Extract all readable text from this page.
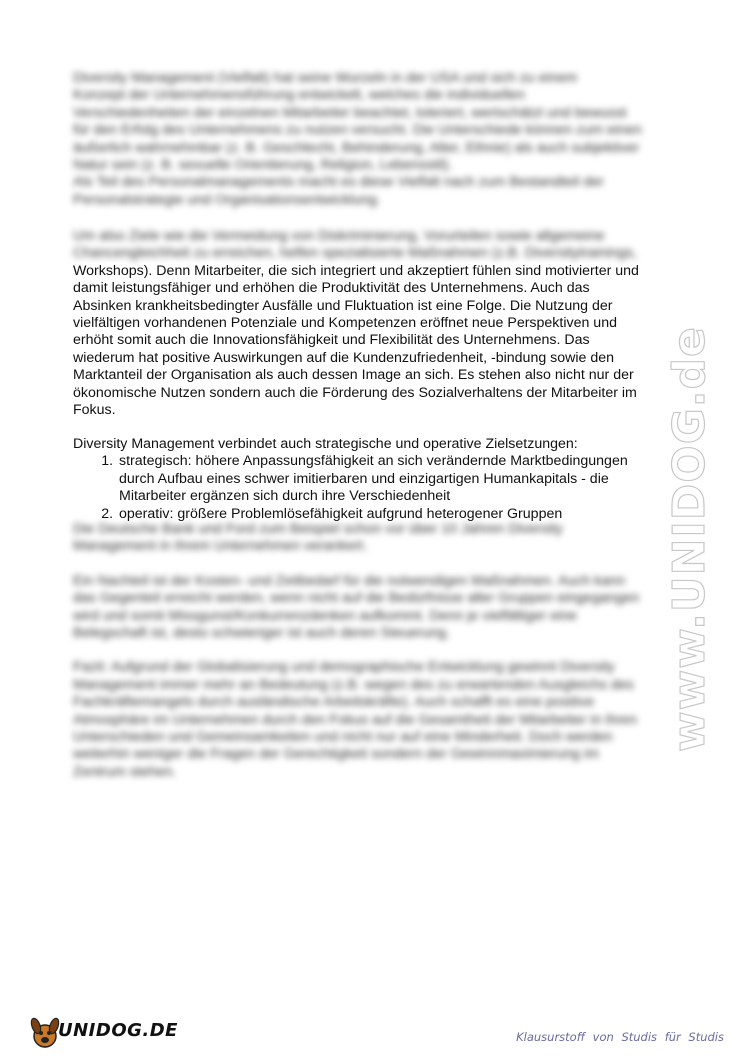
Diversity Management (Vielfalt) hat seine Wurzeln in der USA und sich zu einem
Konzept der Unternehmensführung entwickelt, welches die individuellen
Verschiedenheiten der einzelnen Mitarbeiter beachtet, toleriert, wertschätzt und bewusst
für den Erfolg des Unternehmens zu nutzen versucht. Die Unterschiede können zum einen
äußerlich wahrnehmbar (z. B. Geschlecht, Behinderung, Alter, Ethnie) als auch subjektiver
Natur sein (z. B. sexuelle Orientierung, Religion, Lebensstil).
Als Teil des Personalmanagements macht es diese Vielfalt nach zum Bestandteil der
Personalstrategie und Organisationsentwicklung.
Um also Ziele wie die Vermeidung von Diskriminierung, Vorurteilen sowie allgemeine
Chancengleichheit zu erreichen, helfen spezialisierte Maßnahmen (z.B. Diversitytrainings,
Workshops). Denn Mitarbeiter, die sich integriert und akzeptiert fühlen sind motivierter und
damit leistungsfähiger und erhöhen die Produktivität des Unternehmens. Auch das
Absinken krankheitsbedingter Ausfälle und Fluktuation ist eine Folge. Die Nutzung der
vielfältigen vorhandenen Potenziale und Kompetenzen eröffnet neue Perspektiven und
erhöht somit auch die Innovationsfähigkeit und Flexibilität des Unternehmens. Das
wiederum hat positive Auswirkungen auf die Kundenzufriedenheit, -bindung sowie den
Marktanteil der Organisation als auch dessen Image an sich. Es stehen also nicht nur der
ökonomische Nutzen sondern auch die Förderung des Sozialverhaltens der Mitarbeiter im
Fokus.
Diversity Management verbindet auch strategische und operative Zielsetzungen:
1. strategisch: höhere Anpassungsfähigkeit an sich verändernde Marktbedingungen
durch Aufbau eines schwer imitierbaren und einzigartigen Humankapitals - die
Mitarbeiter ergänzen sich durch ihre Verschiedenheit
2. operativ: größere Problemlösefähigkeit aufgrund heterogener Gruppen
Die Deutsche Bank und Ford zum Beispiel schon vor über 10 Jahren Diversity
Management in ihrem Unternehmen verankert.
Ein Nachteil ist der Kosten- und Zeitbedarf für die notwendigen Maßnahmen. Auch kann
das Gegenteil erreicht werden, wenn nicht auf die Bedürfnisse aller Gruppen eingegangen
wird und somit Missgunst/Konkurrenzdenken aufkommt. Denn je vielfältiger eine
Belegschaft ist, desto schwieriger ist auch deren Steuerung.
Fazit: Aufgrund der Globalisierung und demographische Entwicklung gewinnt Diversity
Management immer mehr an Bedeutung (z.B. wegen des zu erwartenden Ausgleichs des
Fachkräftemangels durch ausländische Arbeitskräfte). Auch schafft es eine positive
Atmosphäre im Unternehmen durch den Fokus auf die Gesamtheit der Mitarbeiter in ihren
Unterschieden und Gemeinsamkeiten und nicht nur auf eine Minderheit. Doch werden
weiterhin weniger die Fragen der Gerechtigkeit sondern der Gewinnmaximierung im
Zentrum stehen.
www.UNIDOG.de
UNIDOG.DE	Klausurstoff von Studis für Studis
